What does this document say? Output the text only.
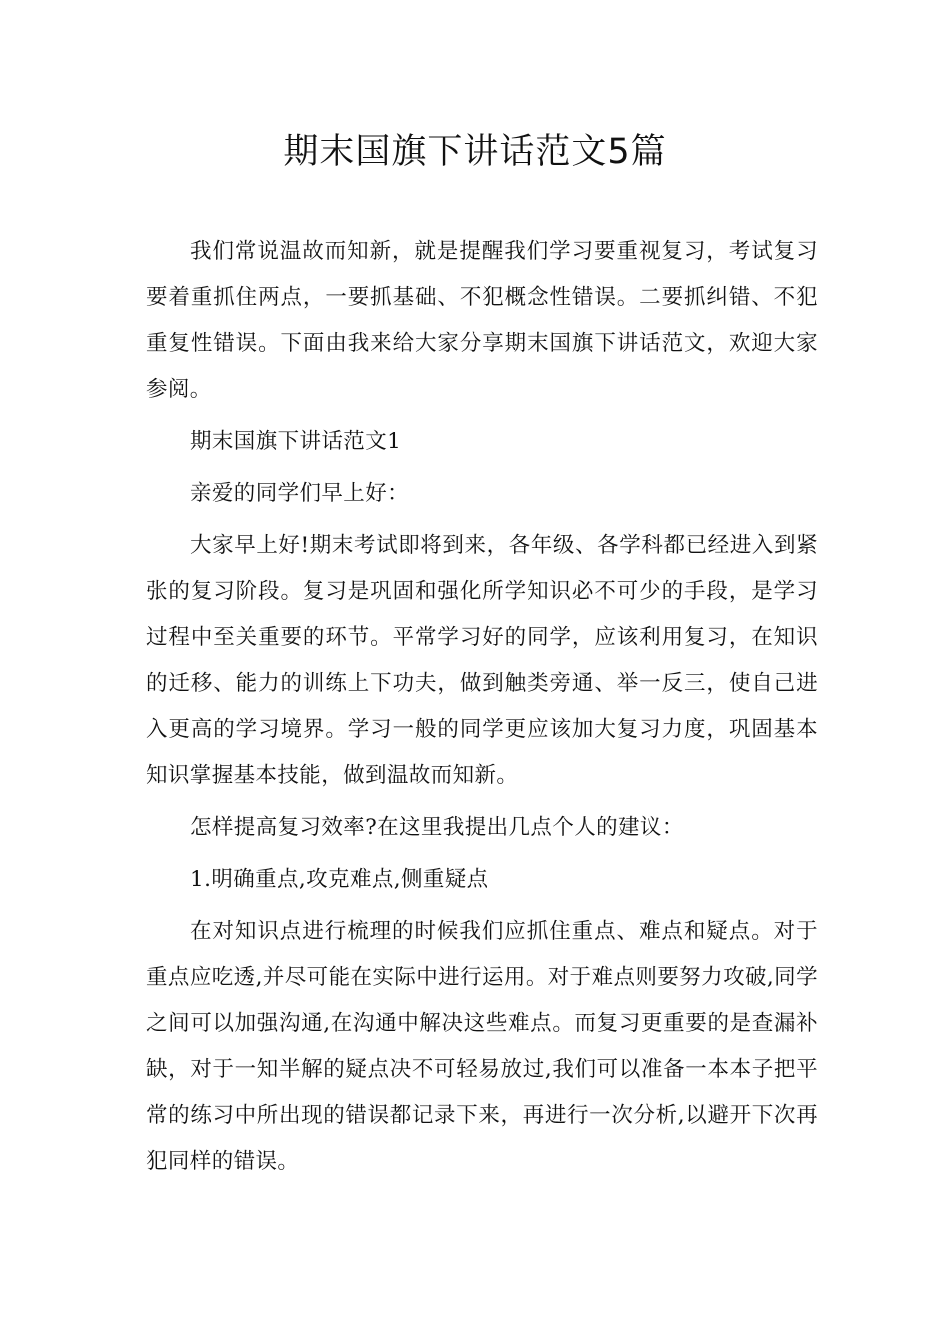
期末国旗下讲话范文5篇

我们常说温故而知新，就是提醒我们学习要重视复习，考试复习要着重抓住两点，一要抓基础、不犯概念性错误。二要抓纠错、不犯重复性错误。下面由我来给大家分享期末国旗下讲话范文，欢迎大家参阅。

期末国旗下讲话范文1

亲爱的同学们早上好：

大家早上好!期末考试即将到来，各年级、各学科都已经进入到紧张的复习阶段。复习是巩固和强化所学知识必不可少的手段，是学习过程中至关重要的环节。平常学习好的同学，应该利用复习，在知识的迁移、能力的训练上下功夫，做到触类旁通、举一反三，使自己进入更高的学习境界。学习一般的同学更应该加大复习力度，巩固基本知识掌握基本技能，做到温故而知新。

怎样提高复习效率?在这里我提出几点个人的建议：

1.明确重点,攻克难点,侧重疑点

在对知识点进行梳理的时候我们应抓住重点、难点和疑点。对于重点应吃透,并尽可能在实际中进行运用。对于难点则要努力攻破,同学之间可以加强沟通,在沟通中解决这些难点。而复习更重要的是查漏补缺，对于一知半解的疑点决不可轻易放过,我们可以准备一本本子把平常的练习中所出现的错误都记录下来，再进行一次分析,以避开下次再犯同样的错误。
